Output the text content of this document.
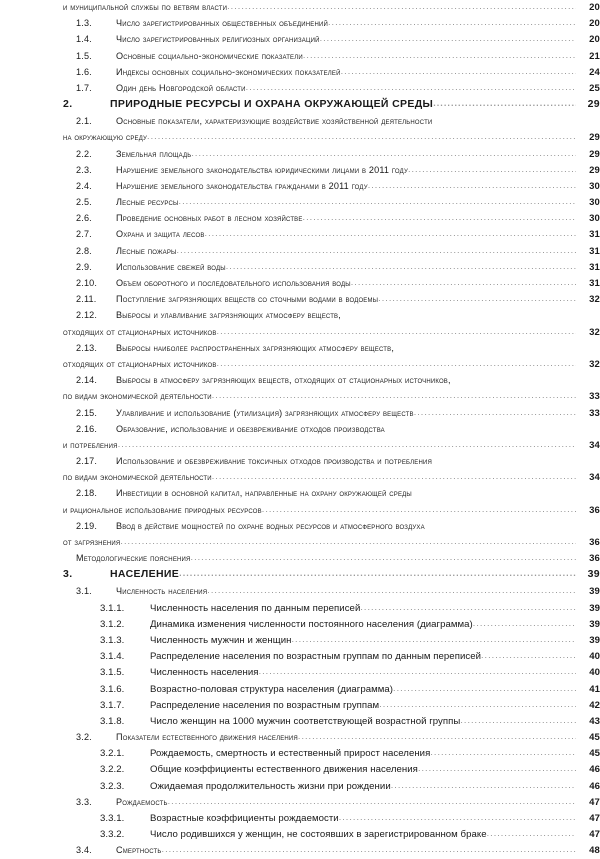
и муниципальной службы по ветвям власти .....	20
1.3.	Число зарегистрированных общественных объединений .....	20
1.4.	Число зарегистрированных религиозных организаций .....	20
1.5.	Основные социально-экономические показатели .....	21
1.6.	Индексы основных социально-экономических показателей .....	24
1.7.	Один день Новгородской области .....	25
2.	ПРИРОДНЫЕ РЕСУРСЫ И ОХРАНА ОКРУЖАЮЩЕЙ СРЕДЫ .....	29
2.1.	Основные показатели, характеризующие воздействие хозяйственной деятельности
на окружающую среду .....	29
2.2.	Земельная площадь .....	29
2.3.	Нарушение земельного законодательства юридическими лицами в 2011 году .....	29
2.4.	Нарушение земельного законодательства гражданами в 2011 году .....	30
2.5.	Лесные ресурсы .....	30
2.6.	Проведение основных работ в лесном хозяйстве .....	30
2.7.	Охрана и защита лесов .....	31
2.8.	Лесные пожары .....	31
2.9.	Использование свежей воды .....	31
2.10.	Объем оборотного и последовательного использования воды .....	31
2.11.	Поступление загрязняющих веществ со сточными водами в водоемы .....	32
2.12.	Выбросы и улавливание загрязняющих атмосферу веществ,
отходящих от стационарных источников .....	32
2.13.	Выбросы наиболее распространенных загрязняющих атмосферу веществ,
отходящих от стационарных источников .....	32
2.14.	Выбросы в атмосферу загрязняющих веществ, отходящих от стационарных источников,
по видам экономической деятельности .....	33
2.15.	Улавливание и использование (утилизация) загрязняющих атмосферу веществ .....	33
2.16.	Образование, использование и обезвреживание отходов производства
и потребления .....	34
2.17.	Использование и обезвреживание токсичных отходов производства и потребления
по видам экономической деятельности .....	34
2.18.	Инвестиции в основной капитал, направленные на охрану окружающей среды
и рациональное использование природных ресурсов .....	36
2.19.	Ввод в действие мощностей по охране водных ресурсов и атмосферного воздуха
от загрязнения .....	36
Методологические пояснения .....	36
3.	НАСЕЛЕНИЕ .....	39
3.1.	Численность населения .....	39
3.1.1.	Численность населения по данным переписей .....	39
3.1.2.	Динамика изменения численности постоянного населения (диаграмма) .....	39
3.1.3.	Численность мужчин и женщин .....	39
3.1.4.	Распределение населения по возрастным группам по данным переписей .....	40
3.1.5.	Численность населения .....	40
3.1.6.	Возрастно-половая структура населения (диаграмма) .....	41
3.1.7.	Распределение населения по возрастным группам .....	42
3.1.8.	Число женщин на 1000 мужчин соответствующей возрастной группы .....	43
3.2.	Показатели естественного движения населения .....	45
3.2.1.	Рождаемость, смертность и естественный прирост населения .....	45
3.2.2.	Общие коэффициенты естественного движения населения .....	46
3.2.3.	Ожидаемая продолжительность жизни при рождении .....	46
3.3.	Рождаемость .....	47
3.3.1.	Возрастные коэффициенты рождаемости .....	47
3.3.2.	Число родившихся у женщин, не состоявших в зарегистрированном браке .....	47
3.4.	Смертность .....	48
